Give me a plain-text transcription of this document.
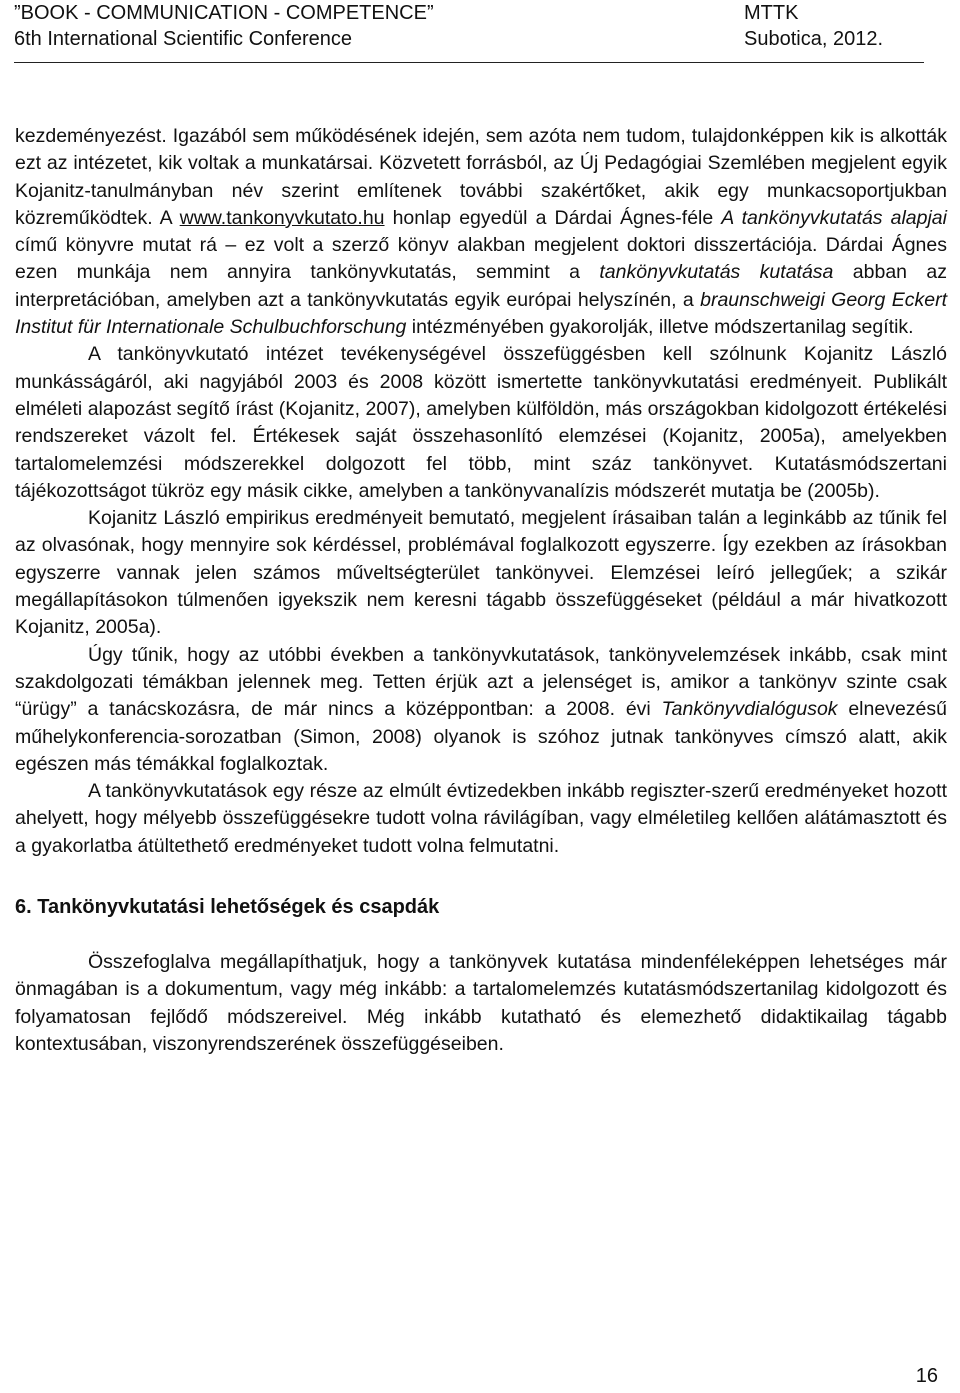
”BOOK - COMMUNICATION - COMPETENCE”	MTTK
6th International Scientific Conference	Subotica, 2012.

kezdeményezést. Igazából sem működésének idején, sem azóta nem tudom, tulajdonképpen kik is alkották ezt az intézetet, kik voltak a munkatársai. Közvetett forrásból, az Új Pedagógiai Szemlében megjelent egyik Kojanitz-tanulmányban név szerint említenek további szakértőket, akik egy munkacsoportjukban közreműködtek. A www.tankonyvkutato.hu honlap egyedül a Dárdai Ágnes-féle A tankönyvkutatás alapjai című könyvre mutat rá – ez volt a szerző könyv alakban megjelent doktori disszertációja. Dárdai Ágnes ezen munkája nem annyira tankönyvkutatás, semmint a tankönyvkutatás kutatása abban az interpretációban, amelyben azt a tankönyvkutatás egyik európai helyszínén, a braunschweigi Georg Eckert Institut für Internationale Schulbuchforschung intézményében gyakorolják, illetve módszertanilag segítik.

A tankönyvkutató intézet tevékenységével összefüggésben kell szólnunk Kojanitz László munkásságáról, aki nagyjából 2003 és 2008 között ismertette tankönyvkutatási eredményeit. Publikált elméleti alapozást segítő írást (Kojanitz, 2007), amelyben külföldön, más országokban kidolgozott értékelési rendszereket vázolt fel. Értékesek saját összehasonlító elemzései (Kojanitz, 2005a), amelyekben tartalomelemzési módszerekkel dolgozott fel több, mint száz tankönyvet. Kutatásmódszertani tájékozottságot tükröz egy másik cikke, amelyben a tankönyvanalízis módszerét mutatja be (2005b).

Kojanitz László empirikus eredményeit bemutató, megjelent írásaiban talán a leginkább az tűnik fel az olvasónak, hogy mennyire sok kérdéssel, problémával foglalkozott egyszerre. Így ezekben az írásokban egyszerre vannak jelen számos műveltségterület tankönyvei. Elemzései leíró jellegűek; a szikár megállapításokon túlmenően igyekszik nem keresni tágabb összefüggéseket (például a már hivatkozott Kojanitz, 2005a).

Úgy tűnik, hogy az utóbbi években a tankönyvkutatások, tankönyvelemzések inkább, csak mint szakdolgozati témákban jelennek meg. Tetten érjük azt a jelenséget is, amikor a tankönyv szinte csak “ürügy” a tanácskozásra, de már nincs a középpontban: a 2008. évi Tankönyvdialógusok elnevezésű műhelykonferencia-sorozatban (Simon, 2008) olyanok is szóhoz jutnak tankönyves címszó alatt, akik egészen más témákkal foglalkoztak.

A tankönyvkutatások egy része az elmúlt évtizedekben inkább regiszter-szerű eredményeket hozott ahelyett, hogy mélyebb összefüggésekre tudott volna rávilágíban, vagy elméletileg kellően alátámasztott és a gyakorlatba átültethető eredményeket tudott volna felmutatni.

6. Tankönyvkutatási lehetőségek és csapdák

Összefoglalva megállapíthatjuk, hogy a tankönyvek kutatása mindenféleképpen lehetséges már önmagában is a dokumentum, vagy még inkább: a tartalomelemzés kutatásmódszertanilag kidolgozott és folyamatosan fejlődő módszereivel. Még inkább kutatható és elemezhető didaktikailag tágabb kontextusában, viszonyrendszerének összefüggéseiben.

16
